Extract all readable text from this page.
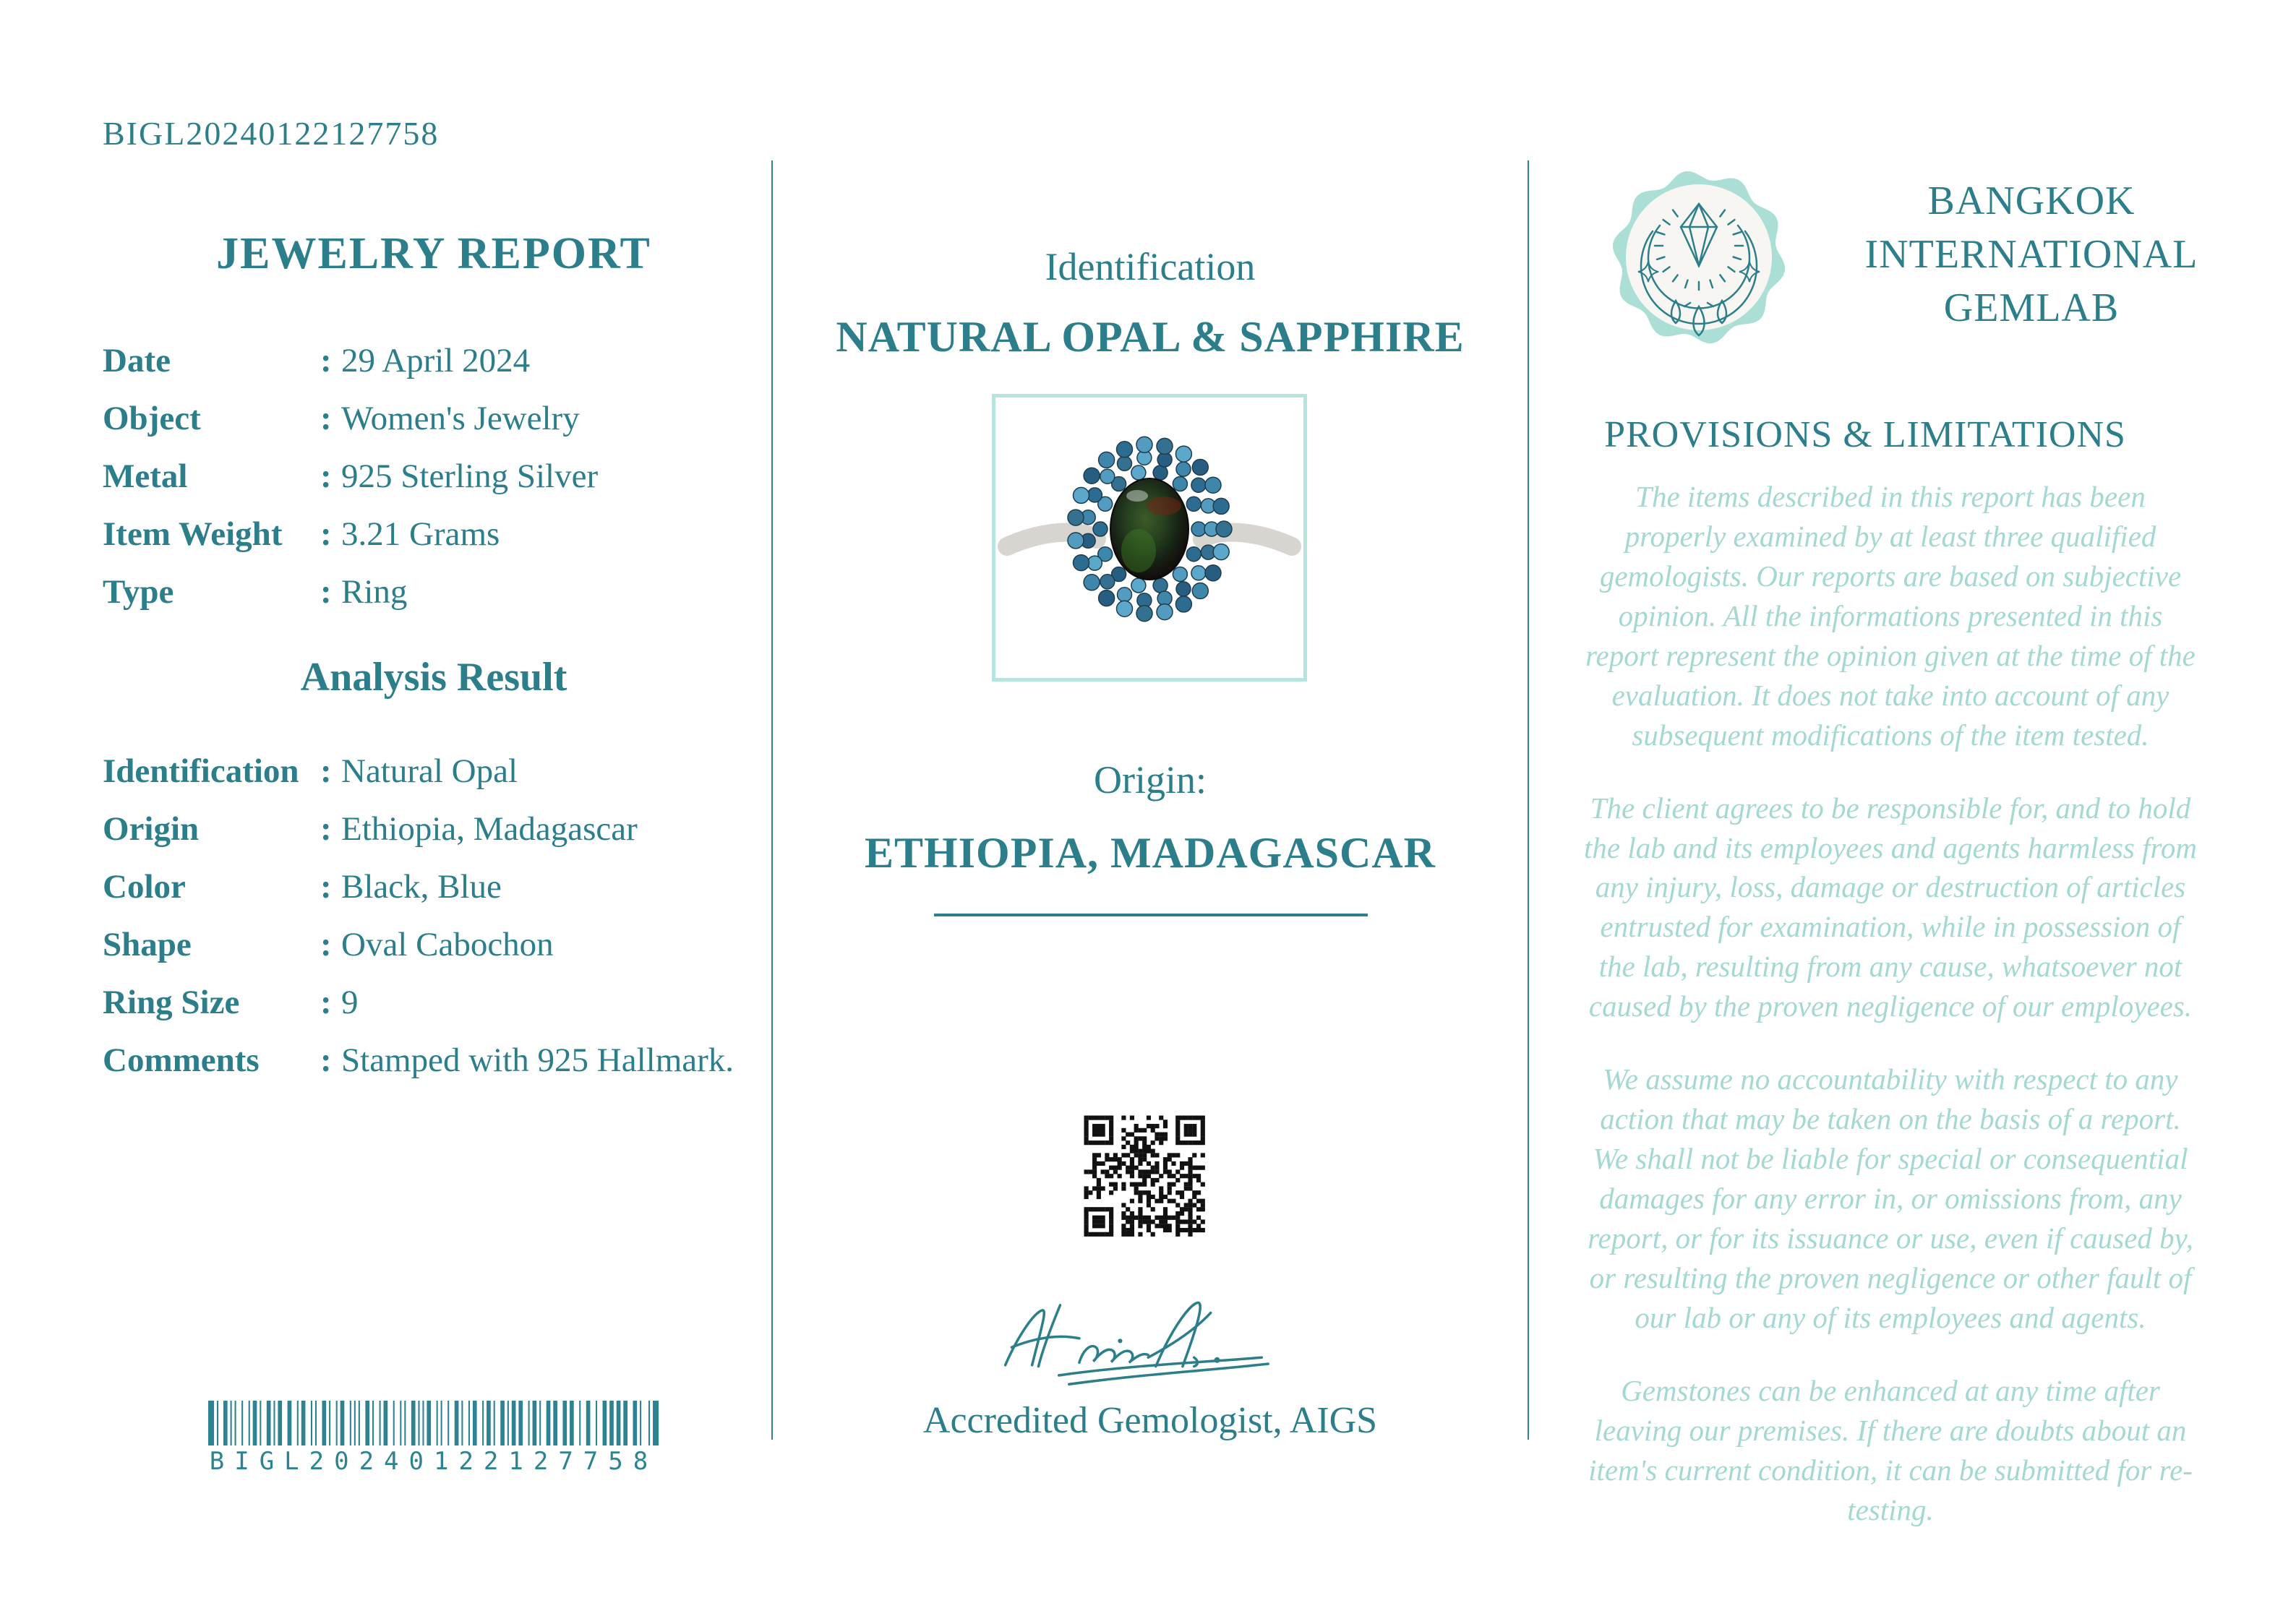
BIGL20240122127758
JEWELRY REPORT
Date	: 29 April 2024
Object	: Women's Jewelry
Metal	: 925 Sterling Silver
Item Weight	: 3.21 Grams
Type	: Ring
Analysis Result
Identification : Natural Opal
Origin	: Ethiopia, Madagascar
Color	: Black, Blue
Shape	: Oval Cabochon
Ring Size	: 9
Comments	: Stamped with 925 Hallmark.
BIGL20240122127758
Identification
NATURAL OPAL & SAPPHIRE
Origin:
ETHIOPIA, MADAGASCAR
Accredited Gemologist, AIGS
BANGKOK INTERNATIONAL GEMLAB
PROVISIONS & LIMITATIONS

The items described in this report has been properly examined by at least three qualified gemologists. Our reports are based on subjective opinion. All the informations presented in this report represent the opinion given at the time of the evaluation. It does not take into account of any subsequent modifications of the item tested.

The client agrees to be responsible for, and to hold the lab and its employees and agents harmless from any injury, loss, damage or destruction of articles entrusted for examination, while in possession of the lab, resulting from any cause, whatsoever not caused by the proven negligence of our employees.

We assume no accountability with respect to any action that may be taken on the basis of a report. We shall not be liable for special or consequential damages for any error in, or omissions from, any report, or for its issuance or use, even if caused by, or resulting the proven negligence or other fault of our lab or any of its employees and agents.

Gemstones can be enhanced at any time after leaving our premises. If there are doubts about an item's current condition, it can be submitted for re-testing.
